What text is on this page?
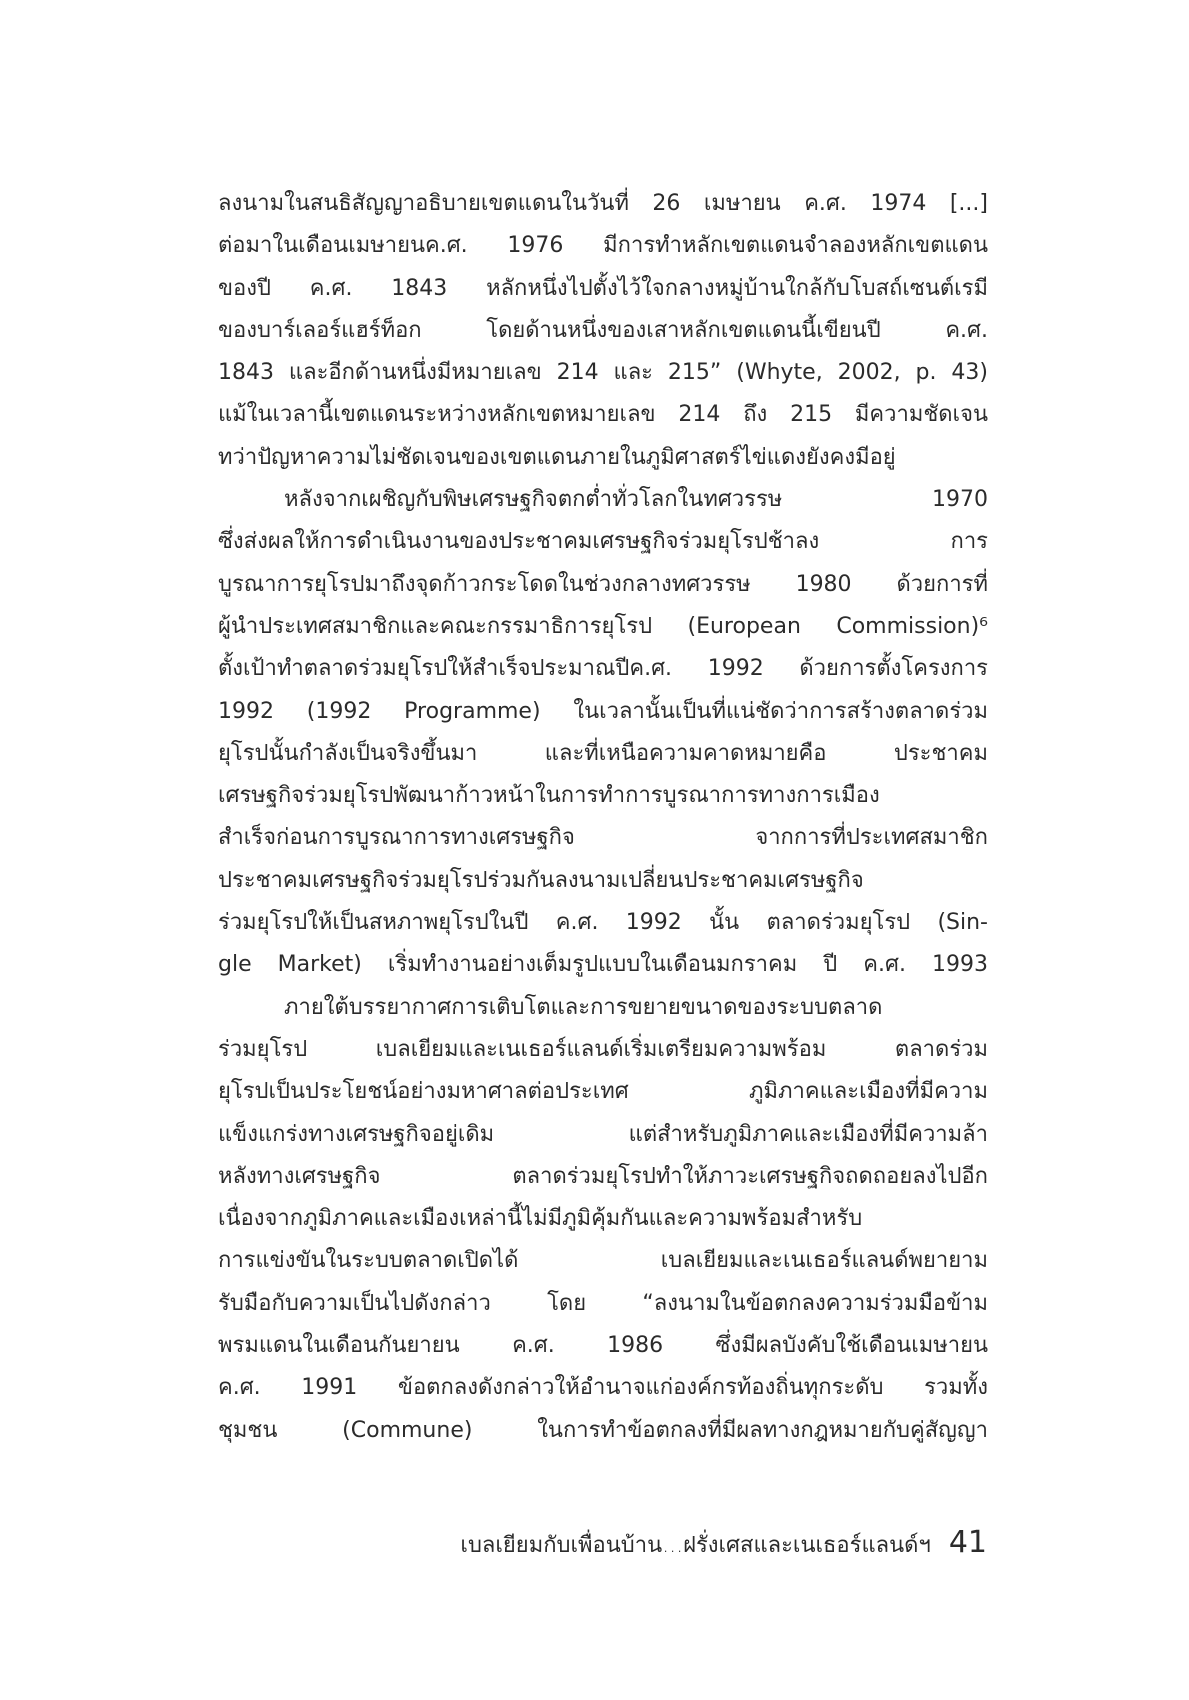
ลงนามในสนธิสัญญาอธิบายเขตแดนในวันที่ 26 เมษายน ค.ศ. 1974 [...]
ต่อมาในเดือนเมษายนค.ศ. 1976 มีการทำหลักเขตแดนจำลองหลักเขตแดน
ของปี ค.ศ. 1843 หลักหนึ่งไปตั้งไว้ใจกลางหมู่บ้านใกล้กับโบสถ์เซนต์เรมี
ของบาร์เลอร์แฮร์ท็อก โดยด้านหนึ่งของเสาหลักเขตแดนนี้เขียนปี ค.ศ.
1843 และอีกด้านหนึ่งมีหมายเลข 214 และ 215” (Whyte, 2002, p. 43)
แม้ในเวลานี้เขตแดนระหว่างหลักเขตหมายเลข 214 ถึง 215 มีความชัดเจน
ทว่าปัญหาความไม่ชัดเจนของเขตแดนภายในภูมิศาสตร์ไข่แดงยังคงมีอยู่
หลังจากเผชิญกับพิษเศรษฐกิจตกต่ำทั่วโลกในทศวรรษ 1970
ซึ่งส่งผลให้การดำเนินงานของประชาคมเศรษฐกิจร่วมยุโรปช้าลง การ
บูรณาการยุโรปมาถึงจุดก้าวกระโดดในช่วงกลางทศวรรษ 1980 ด้วยการที่
ผู้นำประเทศสมาชิกและคณะกรรมาธิการยุโรป (European Commission)⁶
ตั้งเป้าทำตลาดร่วมยุโรปให้สำเร็จประมาณปีค.ศ. 1992 ด้วยการตั้งโครงการ
1992 (1992 Programme) ในเวลานั้นเป็นที่แน่ชัดว่าการสร้างตลาดร่วม
ยุโรปนั้นกำลังเป็นจริงขึ้นมา และที่เหนือความคาดหมายคือ ประชาคม
เศรษฐกิจร่วมยุโรปพัฒนาก้าวหน้าในการทำการบูรณาการทางการเมือง
สำเร็จก่อนการบูรณาการทางเศรษฐกิจ จากการที่ประเทศสมาชิก
ประชาคมเศรษฐกิจร่วมยุโรปร่วมกันลงนามเปลี่ยนประชาคมเศรษฐกิจ
ร่วมยุโรปให้เป็นสหภาพยุโรปในปี ค.ศ. 1992 นั้น ตลาดร่วมยุโรป (Sin-
gle Market) เริ่มทำงานอย่างเต็มรูปแบบในเดือนมกราคม ปี ค.ศ. 1993
ภายใต้บรรยากาศการเติบโตและการขยายขนาดของระบบตลาด
ร่วมยุโรป เบลเยียมและเนเธอร์แลนด์เริ่มเตรียมความพร้อม ตลาดร่วม
ยุโรปเป็นประโยชน์อย่างมหาศาลต่อประเทศ ภูมิภาคและเมืองที่มีความ
แข็งแกร่งทางเศรษฐกิจอยู่เดิม แต่สำหรับภูมิภาคและเมืองที่มีความล้า
หลังทางเศรษฐกิจ ตลาดร่วมยุโรปทำให้ภาวะเศรษฐกิจถดถอยลงไปอีก
เนื่องจากภูมิภาคและเมืองเหล่านี้ไม่มีภูมิคุ้มกันและความพร้อมสำหรับ
การแข่งขันในระบบตลาดเปิดได้ เบลเยียมและเนเธอร์แลนด์พยายาม
รับมือกับความเป็นไปดังกล่าว โดย “ลงนามในข้อตกลงความร่วมมือข้าม
พรมแดนในเดือนกันยายน ค.ศ. 1986 ซึ่งมีผลบังคับใช้เดือนเมษายน
ค.ศ. 1991 ข้อตกลงดังกล่าวให้อำนาจแก่องค์กรท้องถิ่นทุกระดับ รวมทั้ง
ชุมชน (Commune) ในการทำข้อตกลงที่มีผลทางกฎหมายกับคู่สัญญา
เบลเยียมกับเพื่อนบ้าน...ฝรั่งเศสและเนเธอร์แลนด์ฯ 41
